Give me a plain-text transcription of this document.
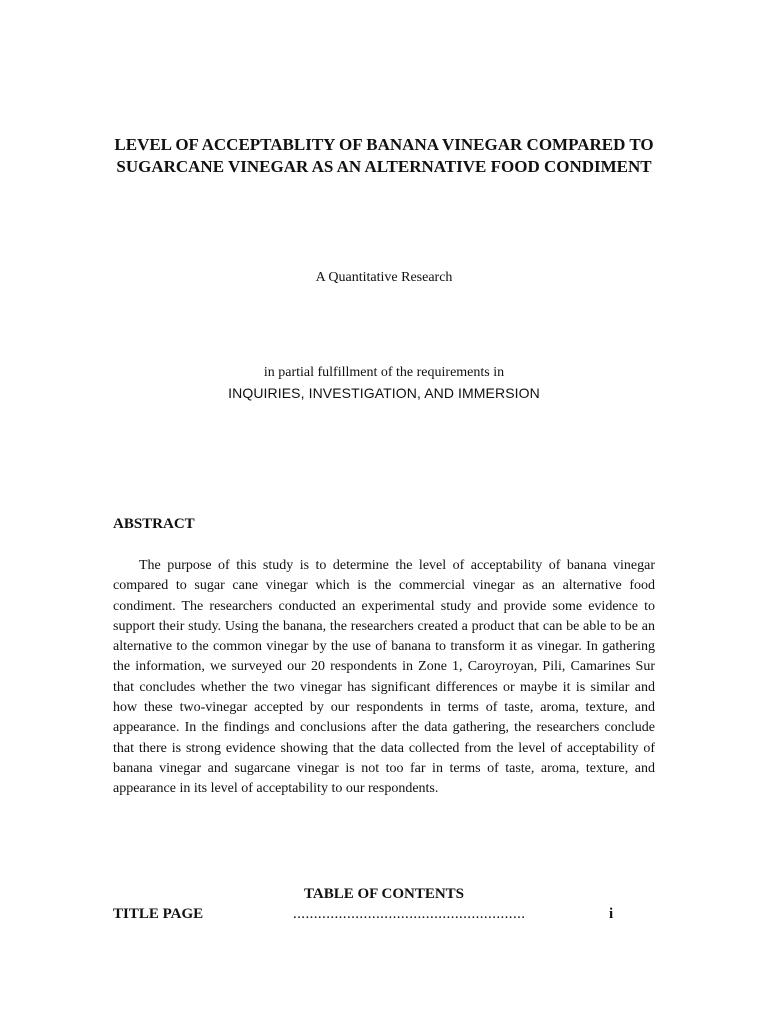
LEVEL OF ACCEPTABLITY OF BANANA VINEGAR COMPARED TO SUGARCANE VINEGAR AS AN ALTERNATIVE FOOD CONDIMENT

A Quantitative Research

in partial fulfillment of the requirements in
INQUIRIES, INVESTIGATION, AND IMMERSION
ABSTRACT

The purpose of this study is to determine the level of acceptability of banana vinegar compared to sugar cane vinegar which is the commercial vinegar as an alternative food condiment. The researchers conducted an experimental study and provide some evidence to support their study. Using the banana, the researchers created a product that can be able to be an alternative to the common vinegar by the use of banana to transform it as vinegar. In gathering the information, we surveyed our 20 respondents in Zone 1, Caroyroyan, Pili, Camarines Sur that concludes whether the two vinegar has significant differences or maybe it is similar and how these two-vinegar accepted by our respondents in terms of taste, aroma, texture, and appearance. In the findings and conclusions after the data gathering, the researchers conclude that there is strong evidence showing that the data collected from the level of acceptability of banana vinegar and sugarcane vinegar is not too far in terms of taste, aroma, texture, and appearance in its level of acceptability to our respondents.

TABLE OF CONTENTS
TITLE PAGE	........................................................	i
